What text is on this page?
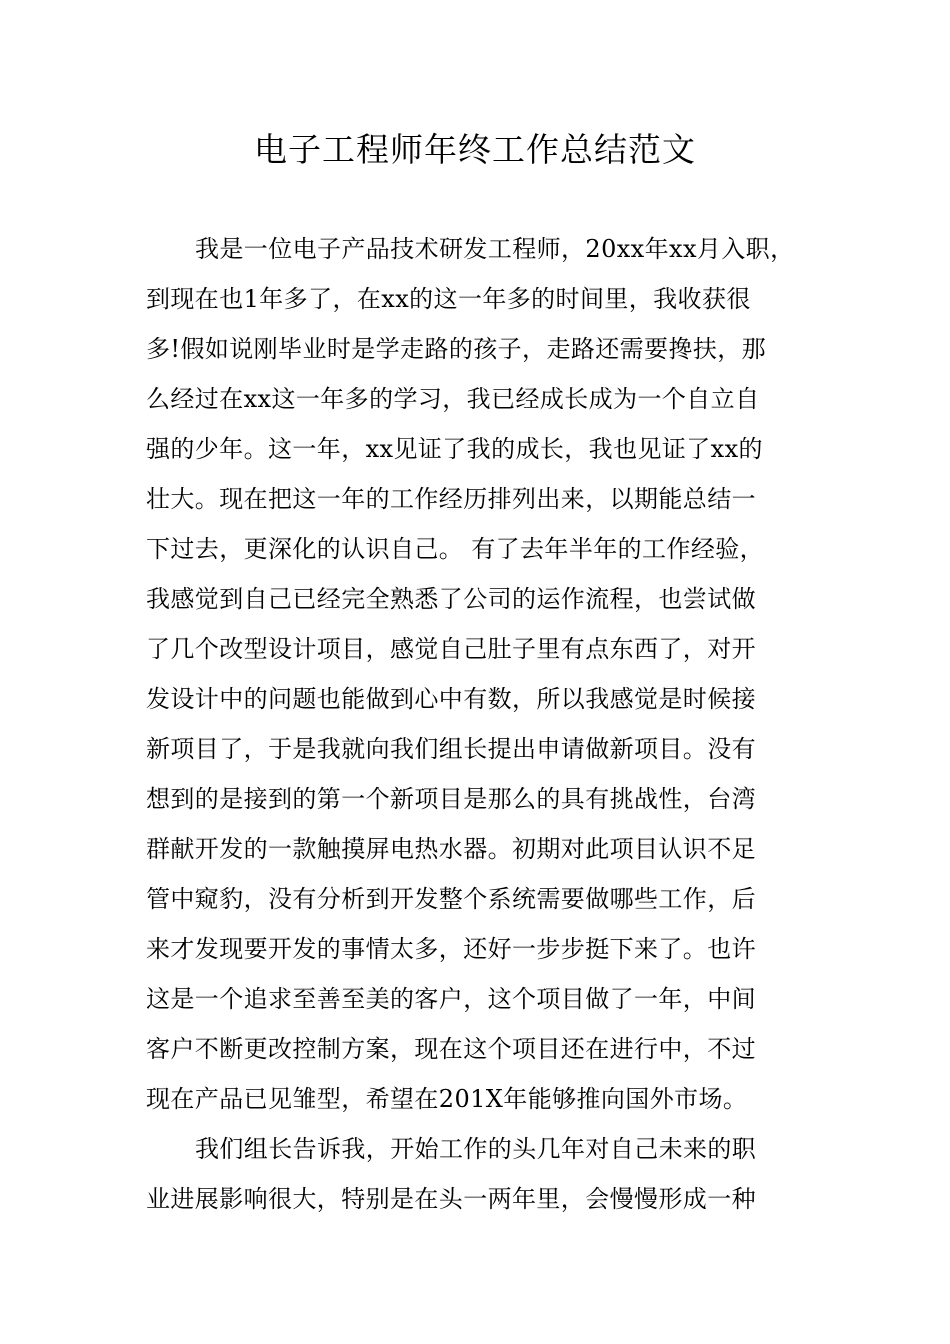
电子工程师年终工作总结范文
我是一位电子产品技术研发工程师，20xx年xx月入职，
到现在也1年多了，在xx的这一年多的时间里，我收获很
多!假如说刚毕业时是学走路的孩子，走路还需要搀扶，那
么经过在xx这一年多的学习，我已经成长成为一个自立自
强的少年。这一年，xx见证了我的成长，我也见证了xx的
壮大。现在把这一年的工作经历排列出来，以期能总结一
下过去，更深化的认识自己。 有了去年半年的工作经验，
我感觉到自己已经完全熟悉了公司的运作流程，也尝试做
了几个改型设计项目，感觉自己肚子里有点东西了，对开
发设计中的问题也能做到心中有数，所以我感觉是时候接
新项目了，于是我就向我们组长提出申请做新项目。没有
想到的是接到的第一个新项目是那么的具有挑战性，台湾
群献开发的一款触摸屏电热水器。初期对此项目认识不足
管中窥豹，没有分析到开发整个系统需要做哪些工作，后
来才发现要开发的事情太多，还好一步步挺下来了。也许
这是一个追求至善至美的客户，这个项目做了一年，中间
客户不断更改控制方案，现在这个项目还在进行中，不过
现在产品已见雏型，希望在201X年能够推向国外市场。
我们组长告诉我，开始工作的头几年对自己未来的职
业进展影响很大，特别是在头一两年里，会慢慢形成一种
